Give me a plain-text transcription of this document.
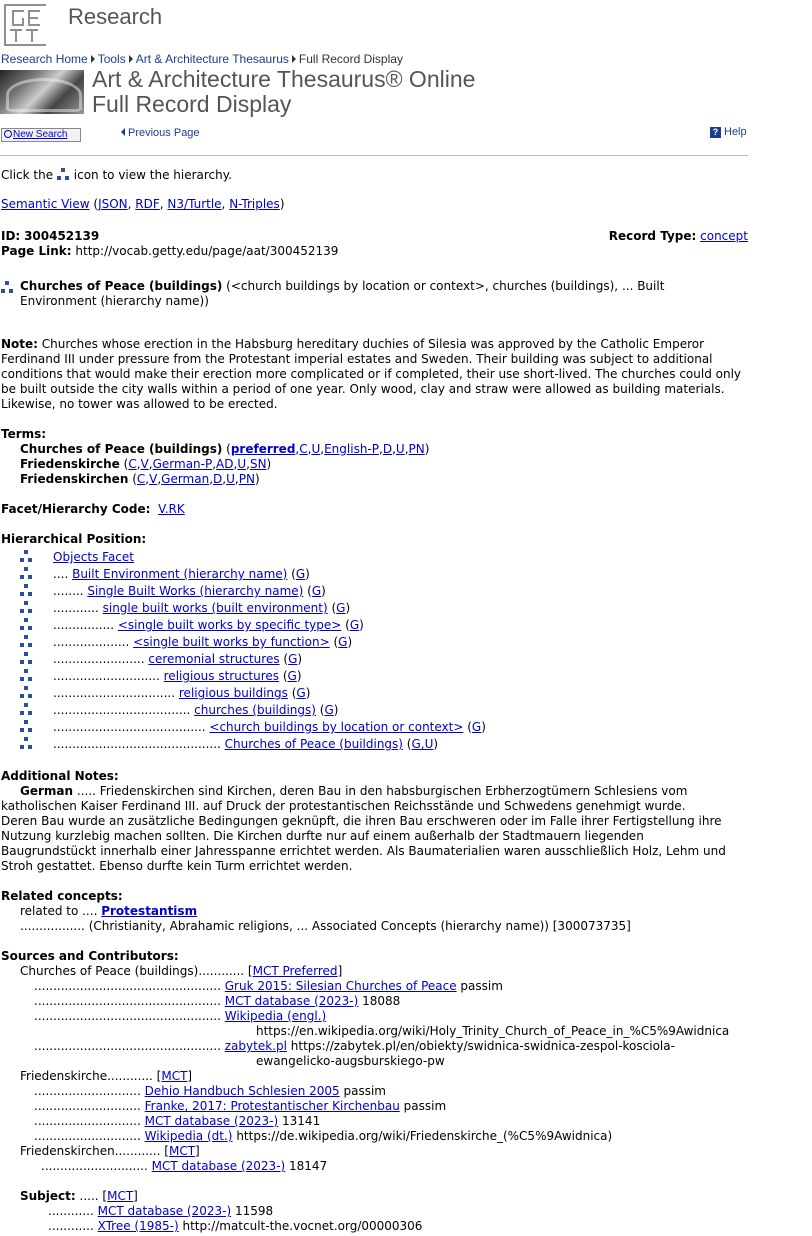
Research
Research Home Tools Art & Architecture Thesaurus Full Record Display
Art & Architecture Thesaurus® Online
Full Record Display
New Search	Previous Page	? Help
Click the icon to view the hierarchy.
Semantic View (JSON, RDF, N3/Turtle, N-Triples)
ID: 300452139
Page Link: http://vocab.getty.edu/page/aat/300452139
Record Type: concept
Churches of Peace (buildings) (<church buildings by location or context>, churches (buildings), ... Built
Environment (hierarchy name))
Note: Churches whose erection in the Habsburg hereditary duchies of Silesia was approved by the Catholic Emperor
Ferdinand III under pressure from the Protestant imperial estates and Sweden. Their building was subject to additional
conditions that would make their erection more complicated or if completed, their use short-lived. The churches could only
be built outside the city walls within a period of one year. Only wood, clay and straw were allowed as building materials.
Likewise, no tower was allowed to be erected.
Terms:
Churches of Peace (buildings) (preferred,C,U,English-P,D,U,PN)
Friedenskirche (C,V,German-P,AD,U,SN)
Friedenskirchen (C,V,German,D,U,PN)
Facet/Hierarchy Code: V.RK
Hierarchical Position:
Objects Facet
.... Built Environment (hierarchy name) (G)
........ Single Built Works (hierarchy name) (G)
............ single built works (built environment) (G)
................ <single built works by specific type> (G)
.................... <single built works by function> (G)
........................ ceremonial structures (G)
............................ religious structures (G)
................................ religious buildings (G)
.................................... churches (buildings) (G)
........................................ <church buildings by location or context> (G)
............................................ Churches of Peace (buildings) (G,U)
Additional Notes:
German ..... Friedenskirchen sind Kirchen, deren Bau in den habsburgischen Erbherzogtümern Schlesiens vom
katholischen Kaiser Ferdinand III. auf Druck der protestantischen Reichsstände und Schwedens genehmigt wurde.
Deren Bau wurde an zusätzliche Bedingungen geknüpft, die ihren Bau erschweren oder im Falle ihrer Fertigstellung ihre
Nutzung kurzlebig machen sollten. Die Kirchen durfte nur auf einem außerhalb der Stadtmauern liegenden
Baugrundstückt innerhalb einer Jahresspanne errichtet werden. Als Baumaterialien waren ausschließlich Holz, Lehm und
Stroh gestattet. Ebenso durfte kein Turm errichtet werden.
Related concepts:
related to .... Protestantism
................. (Christianity, Abrahamic religions, ... Associated Concepts (hierarchy name)) [300073735]
Sources and Contributors:
Churches of Peace (buildings)............ [MCT Preferred]
................................................. Gruk 2015: Silesian Churches of Peace passim
................................................. MCT database (2023-) 18088
................................................. Wikipedia (engl.)
https://en.wikipedia.org/wiki/Holy_Trinity_Church_of_Peace_in_%C5%9Awidnica
................................................. zabytek.pl https://zabytek.pl/en/obiekty/swidnica-swidnica-zespol-kosciola-
ewangelicko-augsburskiego-pw
Friedenskirche............ [MCT]
............................ Dehio Handbuch Schlesien 2005 passim
............................ Franke, 2017: Protestantischer Kirchenbau passim
............................ MCT database (2023-) 13141
............................ Wikipedia (dt.) https://de.wikipedia.org/wiki/Friedenskirche_(%C5%9Awidnica)
Friedenskirchen............ [MCT]
............................ MCT database (2023-) 18147
Subject: ..... [MCT]
............ MCT database (2023-) 11598
............ XTree (1985-) http://matcult-the.vocnet.org/00000306
